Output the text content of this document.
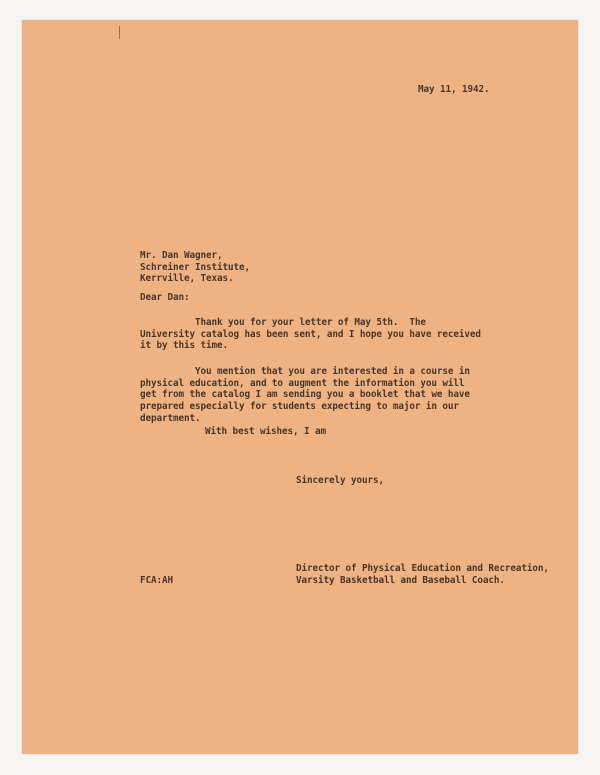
May 11, 1942.
Mr. Dan Wagner,
Schreiner Institute,
Kerrville, Texas.
Dear Dan:
Thank you for your letter of May 5th.  The
University catalog has been sent, and I hope you have received
it by this time.
You mention that you are interested in a course in
physical education, and to augment the information you will
get from the catalog I am sending you a booklet that we have
prepared especially for students expecting to major in our
department.
With best wishes, I am
Sincerely yours,
Director of Physical Education and Recreation,
Varsity Basketball and Baseball Coach.
FCA:AH
